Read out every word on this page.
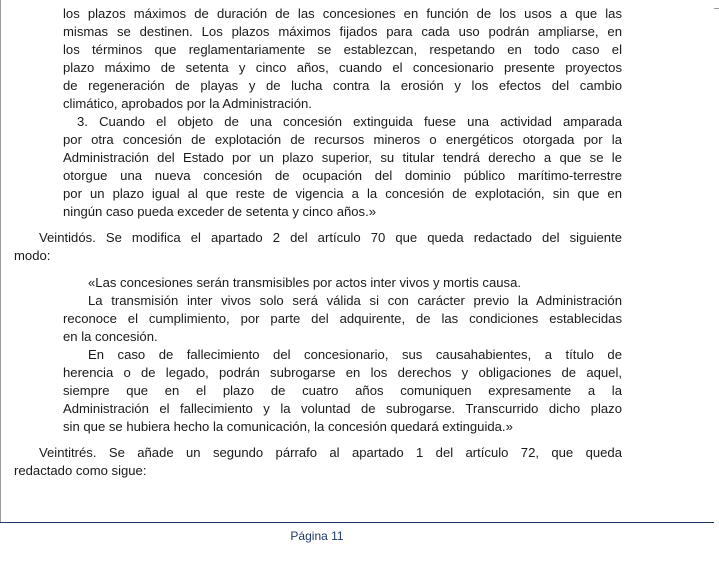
los plazos máximos de duración de las concesiones en función de los usos a que las
mismas se destinen. Los plazos máximos fijados para cada uso podrán ampliarse, en
los términos que reglamentariamente se establezcan, respetando en todo caso el
plazo máximo de setenta y cinco años, cuando el concesionario presente proyectos
de regeneración de playas y de lucha contra la erosión y los efectos del cambio
climático, aprobados por la Administración.
3. Cuando el objeto de una concesión extinguida fuese una actividad amparada
por otra concesión de explotación de recursos mineros o energéticos otorgada por la
Administración del Estado por un plazo superior, su titular tendrá derecho a que se le
otorgue una nueva concesión de ocupación del dominio público marítimo-terrestre
por un plazo igual al que reste de vigencia a la concesión de explotación, sin que en
ningún caso pueda exceder de setenta y cinco años.»
Veintidós. Se modifica el apartado 2 del artículo 70 que queda redactado del siguiente
modo:
«Las concesiones serán transmisibles por actos inter vivos y mortis causa.
La transmisión inter vivos solo será válida si con carácter previo la Administración
reconoce el cumplimiento, por parte del adquirente, de las condiciones establecidas
en la concesión.
En caso de fallecimiento del concesionario, sus causahabientes, a título de
herencia o de legado, podrán subrogarse en los derechos y obligaciones de aquel,
siempre que en el plazo de cuatro años comuniquen expresamente a la
Administración el fallecimiento y la voluntad de subrogarse. Transcurrido dicho plazo
sin que se hubiera hecho la comunicación, la concesión quedará extinguida.»
Veintitrés. Se añade un segundo párrafo al apartado 1 del artículo 72, que queda
redactado como sigue:
Página 11
